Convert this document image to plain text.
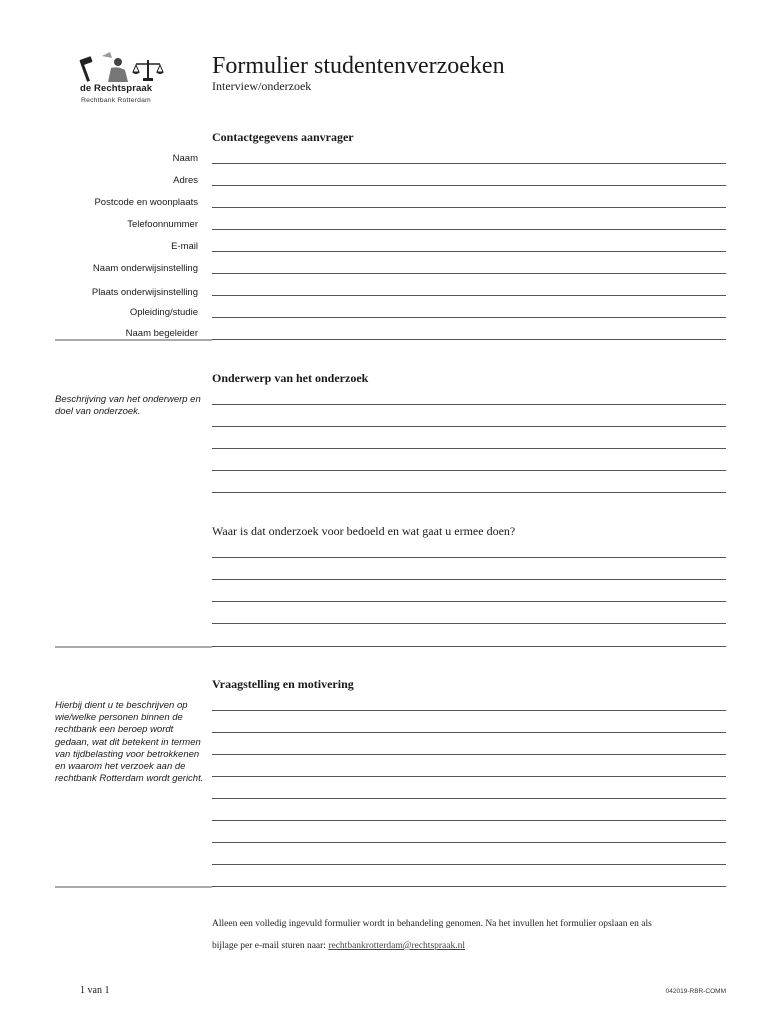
de Rechtspraak
Rechtbank Rotterdam
Formulier studentenverzoeken
Interview/onderzoek
Contactgegevens aanvrager
Naam
Adres
Postcode en woonplaats
Telefoonnummer
E-mail
Naam onderwijsinstelling
Plaats onderwijsinstelling
Opleiding/studie
Naam begeleider
Onderwerp van het onderzoek
Beschrijving van het onderwerp en doel van onderzoek.
Waar is dat onderzoek voor bedoeld en wat gaat u ermee doen?
Vraagstelling en motivering
Hierbij dient u te beschrijven op wie/welke personen binnen de rechtbank een beroep wordt gedaan, wat dit betekent in termen van tijdbelasting voor betrokkenen en waarom het verzoek aan de rechtbank Rotterdam wordt gericht.
Alleen een volledig ingevuld formulier wordt in behandeling genomen. Na het invullen het formulier opslaan en als
bijlage per e-mail sturen naar: rechtbankrotterdam@rechtspraak.nl
1 van 1	042019-RBR-COMM
